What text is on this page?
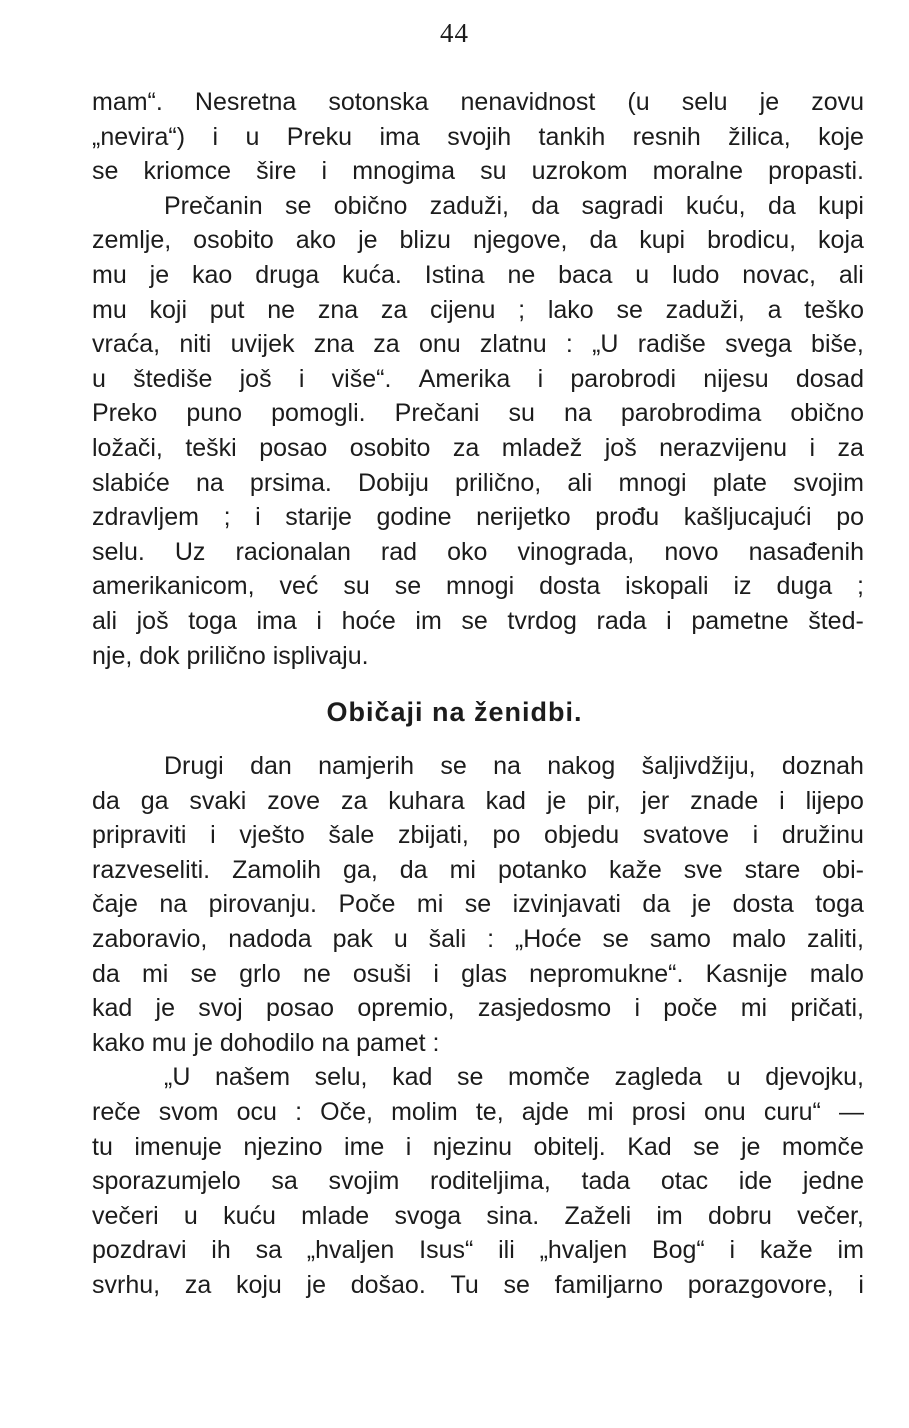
44
mam“. Nesretna sotonska nenavidnost (u selu je zovu
„nevira“) i u Preku ima svojih tankih resnih žilica, koje
se kriomce šire i mnogima su uzrokom moralne propasti.
Prečanin se obično zaduži, da sagradi kuću, da kupi
zemlje, osobito ako je blizu njegove, da kupi brodicu, koja
mu je kao druga kuća. Istina ne baca u ludo novac, ali
mu koji put ne zna za cijenu ; lako se zaduži, a teško
vraća, niti uvijek zna za onu zlatnu : „U radiše svega biše,
u štediše još i više“. Amerika i parobrodi nijesu dosad
Preko puno pomogli. Prečani su na parobrodima obično
ložači, teški posao osobito za mladež još nerazvijenu i za
slabiće na prsima. Dobiju prilično, ali mnogi plate svojim
zdravljem ; i starije godine nerijetko prođu kašljucajući po
selu. Uz racionalan rad oko vinograda, novo nasađenih
amerikanicom, već su se mnogi dosta iskopali iz duga ;
ali još toga ima i hoće im se tvrdog rada i pametne šted-
nje, dok prilično isplivaju.
Običaji na ženidbi.
Drugi dan namjerih se na nakog šaljivdžiju, doznah
da ga svaki zove za kuhara kad je pir, jer znade i lijepo
pripraviti i vješto šale zbijati, po objedu svatove i družinu
razveseliti. Zamolih ga, da mi potanko kaže sve stare obi-
čaje na pirovanju. Poče mi se izvinjavati da je dosta toga
zaboravio, nadoda pak u šali : „Hoće se samo malo zaliti,
da mi se grlo ne osuši i glas nepromukne“. Kasnije malo
kad je svoj posao opremio, zasjedosmo i poče mi pričati,
kako mu je dohodilo na pamet :
„U našem selu, kad se momče zagleda u djevojku,
reče svom ocu : Oče, molim te, ajde mi prosi onu curu“ —
tu imenuje njezino ime i njezinu obitelj. Kad se je momče
sporazumjelo sa svojim roditeljima, tada otac ide jedne
večeri u kuću mlade svoga sina. Zaželi im dobru večer,
pozdravi ih sa „hvaljen Isus“ ili „hvaljen Bog“ i kaže im
svrhu, za koju je došao. Tu se familjarno porazgovore, i
